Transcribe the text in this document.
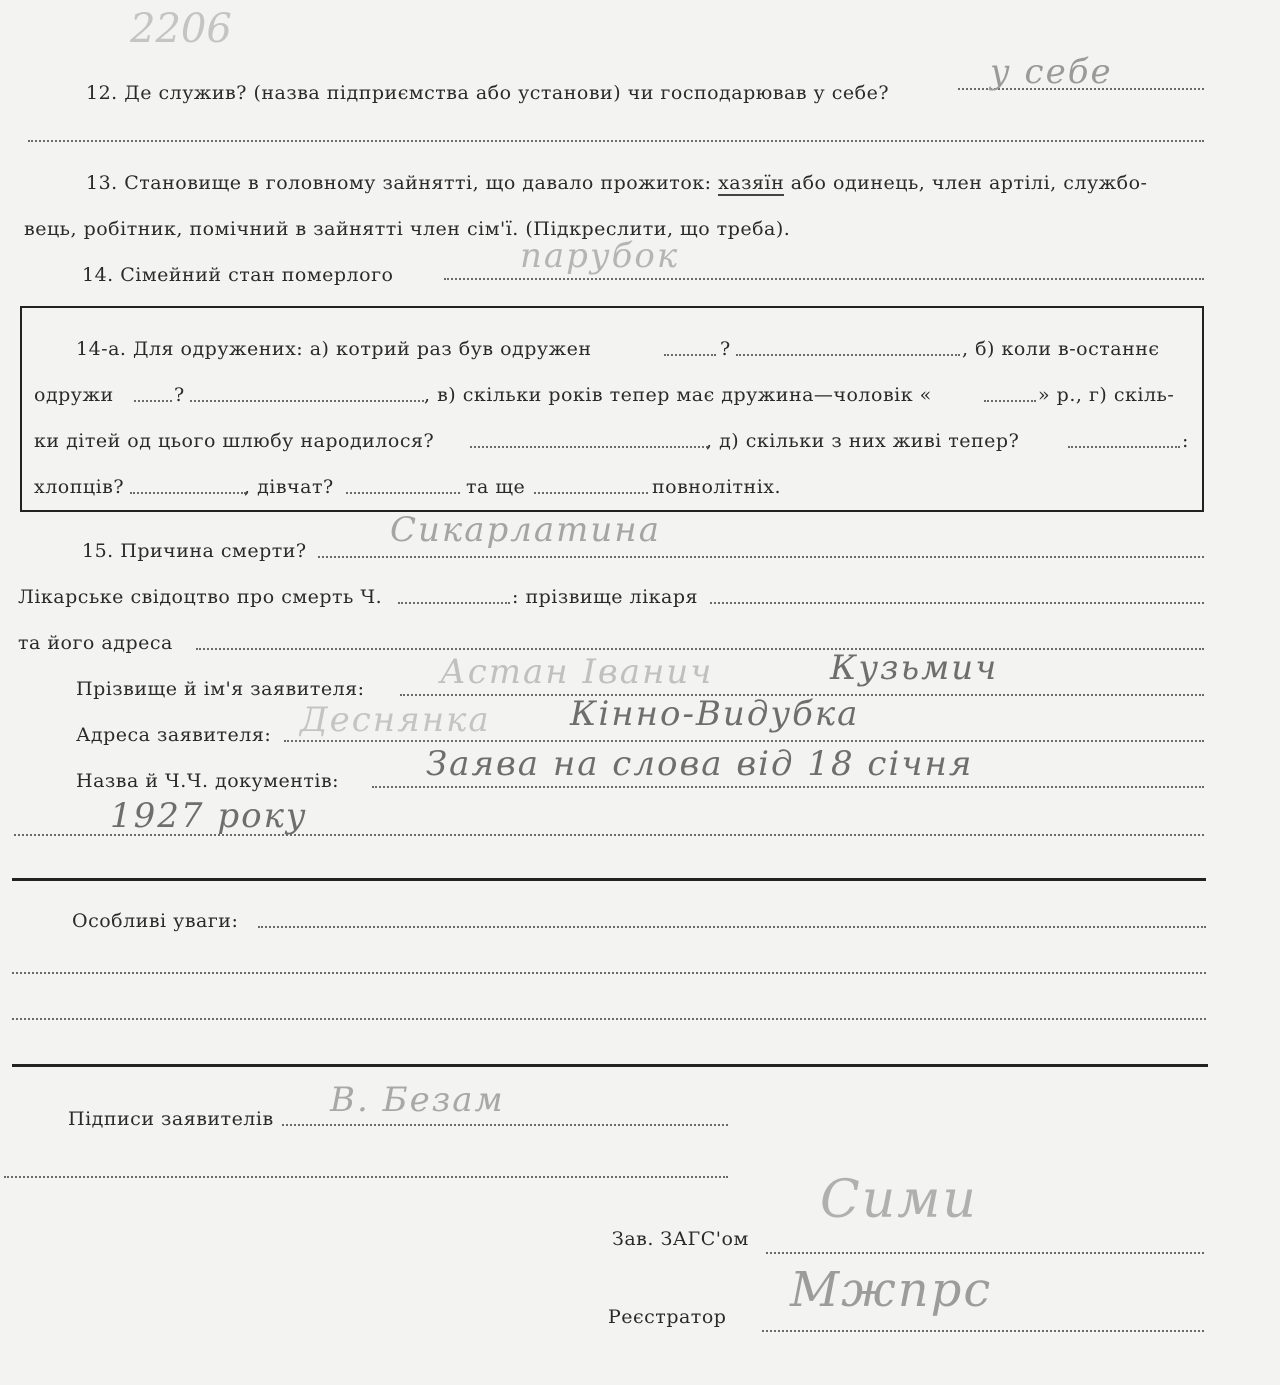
2206
12. Де служив? (назва підприємства або установи) чи господарював у себе?
у себе
13. Становище в головному зайнятті, що давало прожиток: хазяїн або одинець, член артілі, службо-
вець, робітник, помічний в зайнятті член сім'ї. (Підкреслити, що треба).
14. Сімейний стан померлого	парубок
14-а. Для одружених: а) котрий раз був одружен	?	, б) коли в-останнє
одружи	?	, в) скільки років тепер має дружина—чоловік «	» р., г) скіль-
ки дітей од цього шлюбу народилося?	, д) скільки з них живі тепер?	:
хлопців?	, дівчат?	та ще	повнолітніх.
15. Причина смерти?
Сикарлатина
Лікарське свідоцтво про смерть Ч.	: прізвище лікаря
та його адреса
Прізвище й ім'я заявителя: Астан Іванич	Кузьмич
Адреса заявителя: Деснянка Кінно-Видубка
Назва й Ч.Ч. документів:	Заява на слова від 18 січня
1927 року
Особливі уваги:
Підписи заявителів В. Безам
Зав. ЗАГС'ом
Сими
Реєстратор Мжпрс
